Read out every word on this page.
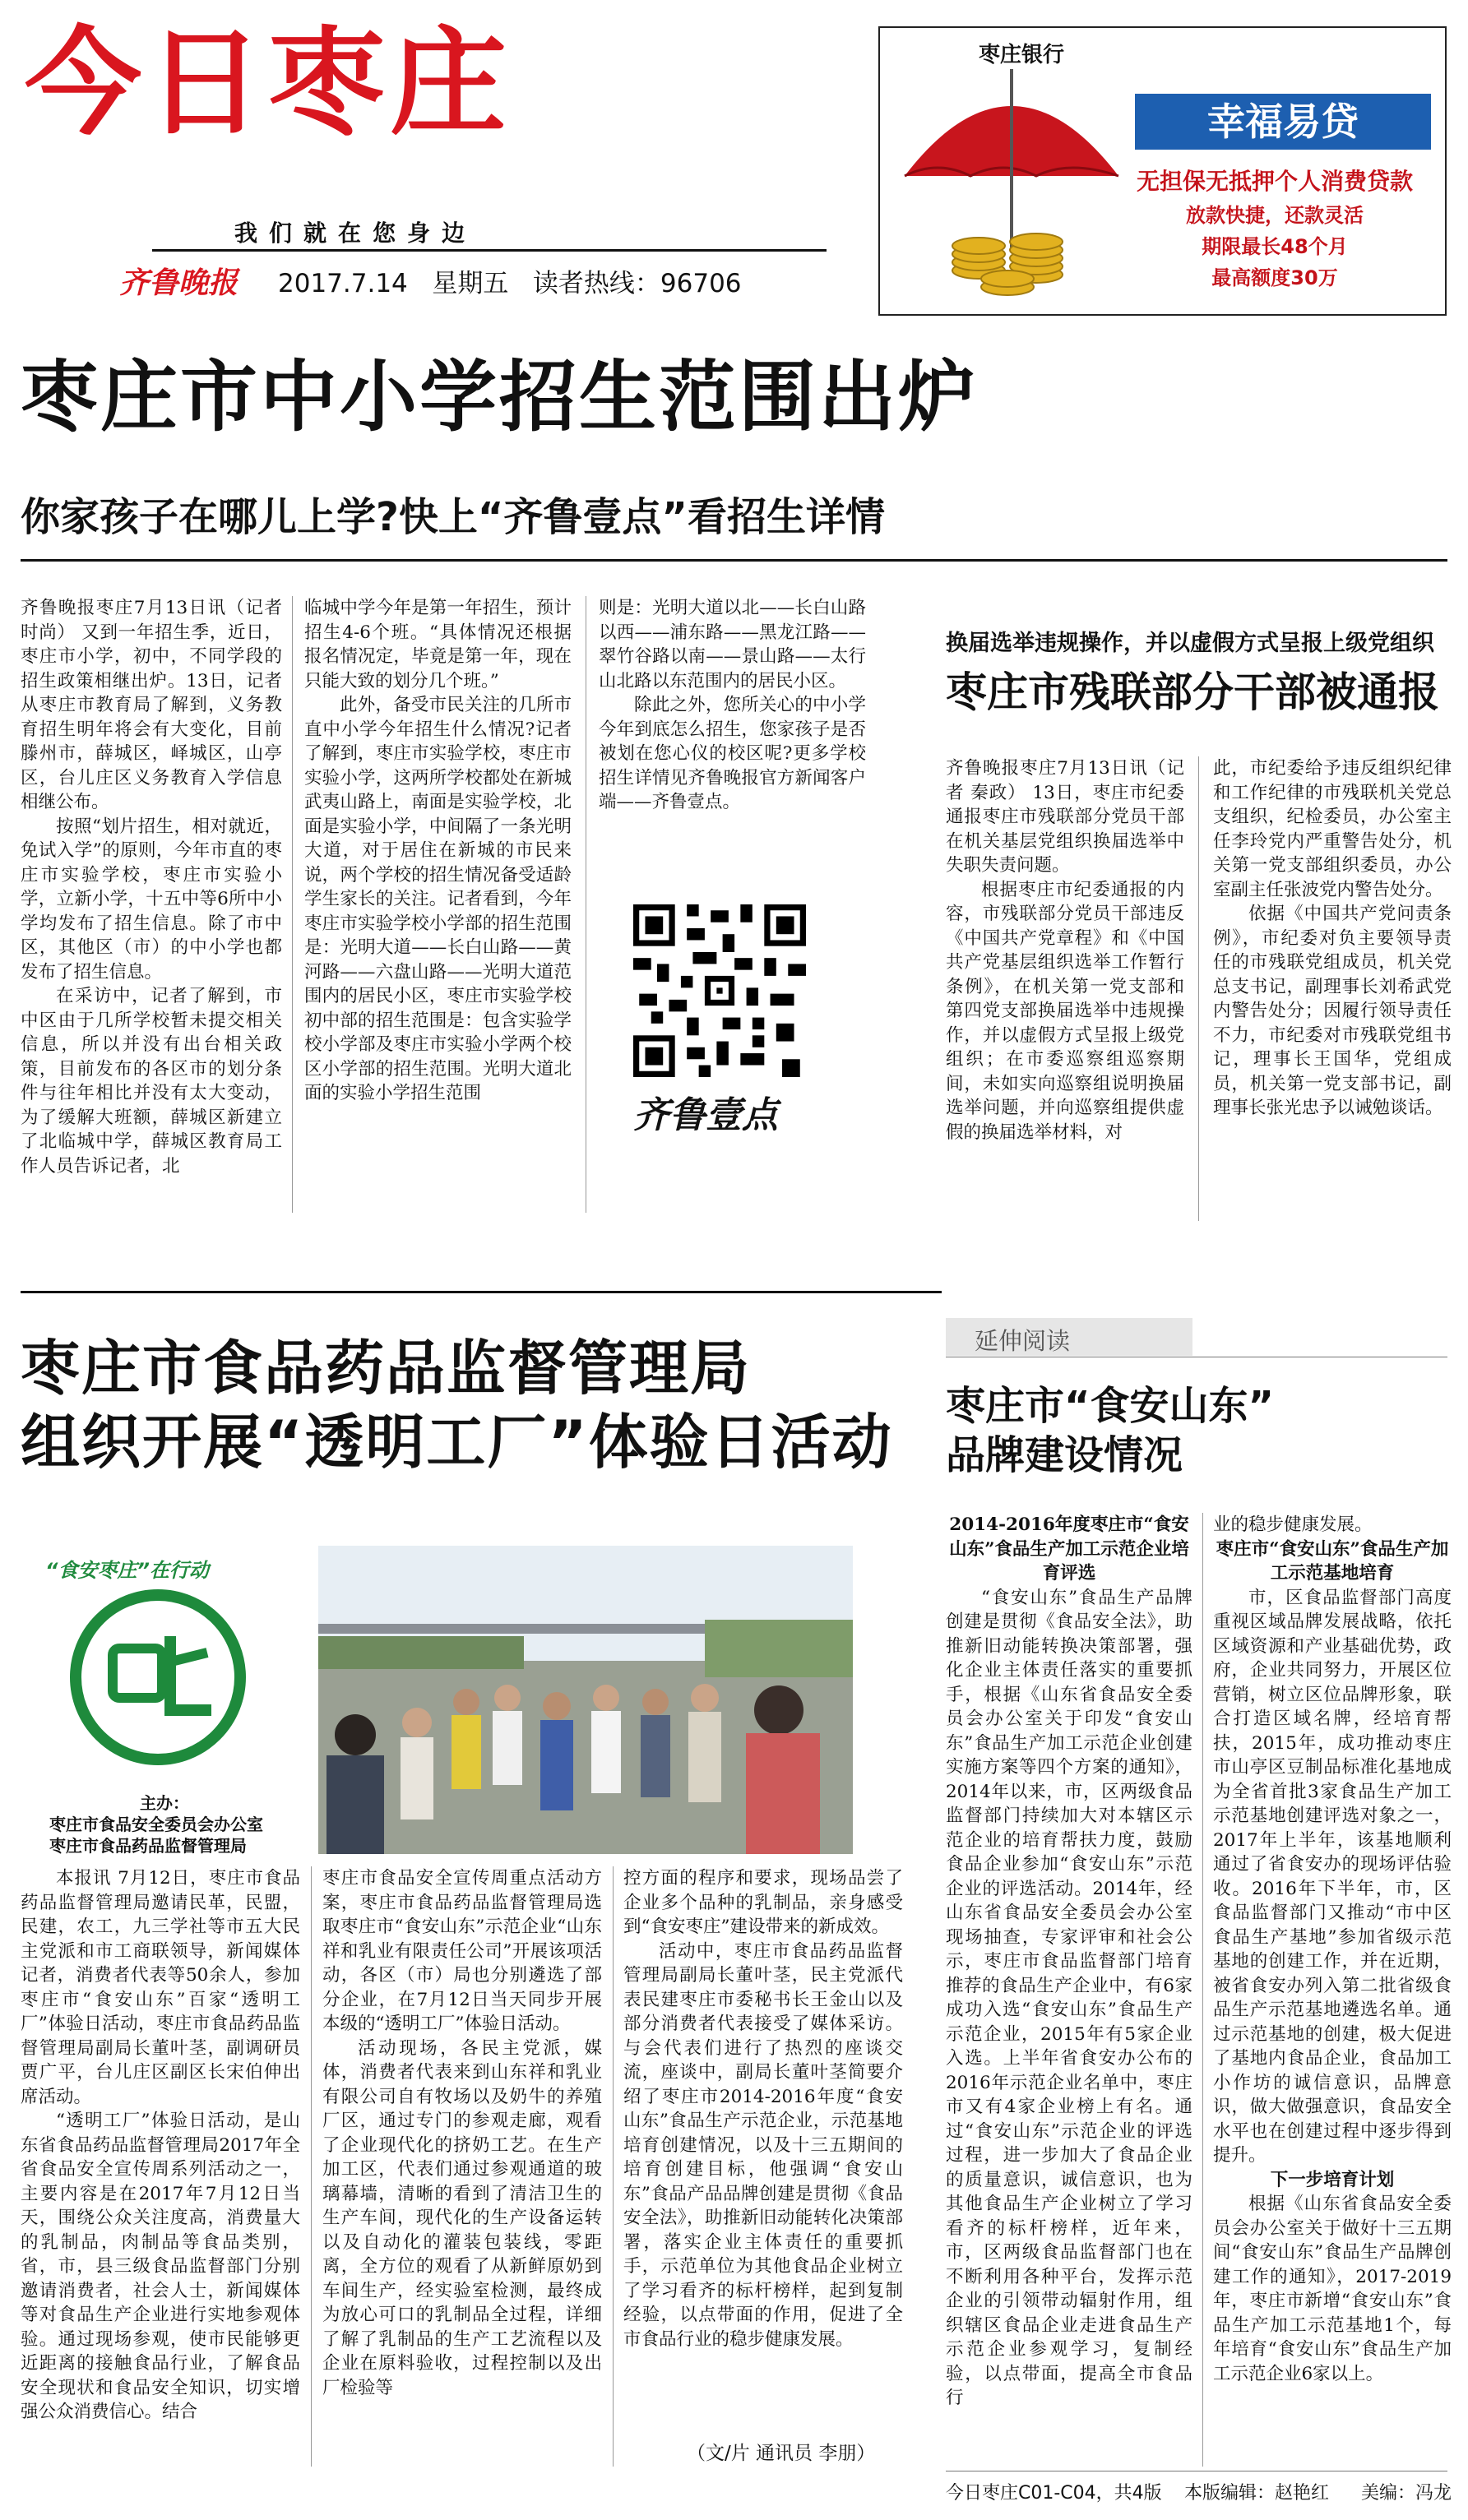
今日枣庄
我们就在您身边
齐鲁晚报 2017.7.14 星期五 读者热线：96706
枣庄银行
幸福易贷
无担保无抵押个人消费贷款
放款快捷，还款灵活
期限最长48个月
最高额度30万
枣庄市中小学招生范围出炉
你家孩子在哪儿上学?快上“齐鲁壹点”看招生详情

齐鲁晚报枣庄7月13日讯（记者 时尚） 又到一年招生季，近日，枣庄市小学，初中，不同学段的招生政策相继出炉。13日，记者从枣庄市教育局了解到，义务教育招生明年将会有大变化，目前滕州市，薛城区，峄城区，山亭区，台儿庄区义务教育入学信息相继公布。

按照“划片招生，相对就近，免试入学”的原则，今年市直的枣庄市实验学校，枣庄市实验小学，立新小学，十五中等6所中小学均发布了招生信息。除了市中区，其他区（市）的中小学也都发布了招生信息。

在采访中，记者了解到，市中区由于几所学校暂未提交相关信息，所以并没有出台相关政策，目前发布的各区市的划分条件与往年相比并没有太大变动，为了缓解大班额，薛城区新建立了北临城中学，薛城区教育局工作人员告诉记者，北

临城中学今年是第一年招生，预计招生4-6个班。“具体情况还根据报名情况定，毕竟是第一年，现在只能大致的划分几个班。”

此外，备受市民关注的几所市直中小学今年招生什么情况?记者了解到，枣庄市实验学校，枣庄市实验小学，这两所学校都处在新城武夷山路上，南面是实验学校，北面是实验小学，中间隔了一条光明大道，对于居住在新城的市民来说，两个学校的招生情况备受适龄学生家长的关注。记者看到，今年枣庄市实验学校小学部的招生范围是：光明大道——长白山路——黄河路——六盘山路——光明大道范围内的居民小区，枣庄市实验学校初中部的招生范围是：包含实验学校小学部及枣庄市实验小学两个校区小学部的招生范围。光明大道北面的实验小学招生范围

则是：光明大道以北——长白山路以西——浦东路——黑龙江路——翠竹谷路以南——景山路——太行山北路以东范围内的居民小区。

除此之外，您所关心的中小学今年到底怎么招生，您家孩子是否被划在您心仪的校区呢?更多学校招生详情见齐鲁晚报官方新闻客户端——齐鲁壹点。

齐鲁壹点
换届选举违规操作，并以虚假方式呈报上级党组织
枣庄市残联部分干部被通报

齐鲁晚报枣庄7月13日讯（记者 秦政） 13日，枣庄市纪委通报枣庄市残联部分党员干部在机关基层党组织换届选举中失职失责问题。

根据枣庄市纪委通报的内容，市残联部分党员干部违反《中国共产党章程》和《中国共产党基层组织选举工作暂行条例》，在机关第一党支部和第四党支部换届选举中违规操作，并以虚假方式呈报上级党组织；在市委巡察组巡察期间，未如实向巡察组说明换届选举问题，并向巡察组提供虚假的换届选举材料，对

此，市纪委给予违反组织纪律和工作纪律的市残联机关党总支组织，纪检委员，办公室主任李玲党内严重警告处分，机关第一党支部组织委员，办公室副主任张波党内警告处分。

依据《中国共产党问责条例》，市纪委对负主要领导责任的市残联党组成员，机关党总支书记，副理事长刘希武党内警告处分；因履行领导责任不力，市纪委对市残联党组书记，理事长王国华，党组成员，机关第一党支部书记，副理事长张光忠予以诫勉谈话。

枣庄市食品药品监督管理局
组织开展“透明工厂”体验日活动
“食安枣庄”在行动
主办：
枣庄市食品安全委员会办公室
枣庄市食品药品监督管理局

本报讯 7月12日，枣庄市食品药品监督管理局邀请民革，民盟，民建，农工，九三学社等市五大民主党派和市工商联领导，新闻媒体记者，消费者代表等50余人，参加枣庄市“食安山东”百家“透明工厂”体验日活动，枣庄市食品药品监督管理局副局长董叶茎，副调研员贾广平，台儿庄区副区长宋伯伸出席活动。

“透明工厂”体验日活动，是山东省食品药品监督管理局2017年全省食品安全宣传周系列活动之一，主要内容是在2017年7月12日当天，围绕公众关注度高，消费量大的乳制品，肉制品等食品类别，省，市，县三级食品监督部门分别邀请消费者，社会人士，新闻媒体等对食品生产企业进行实地参观体验。通过现场参观，使市民能够更近距离的接触食品行业，了解食品安全现状和食品安全知识，切实增强公众消费信心。结合

枣庄市食品安全宣传周重点活动方案，枣庄市食品药品监督管理局选取枣庄市“食安山东”示范企业“山东祥和乳业有限责任公司”开展该项活动，各区（市）局也分别遴选了部分企业，在7月12日当天同步开展本级的“透明工厂”体验日活动。

活动现场，各民主党派，媒体，消费者代表来到山东祥和乳业有限公司自有牧场以及奶牛的养殖厂区，通过专门的参观走廊，观看了企业现代化的挤奶工艺。在生产加工区，代表们通过参观通道的玻璃幕墙，清晰的看到了清洁卫生的生产车间，现代化的生产设备运转以及自动化的灌装包装线，零距离，全方位的观看了从新鲜原奶到车间生产，经实验室检测，最终成为放心可口的乳制品全过程，详细了解了乳制品的生产工艺流程以及企业在原料验收，过程控制以及出厂检验等

控方面的程序和要求，现场品尝了企业多个品种的乳制品，亲身感受到“食安枣庄”建设带来的新成效。

活动中，枣庄市食品药品监督管理局副局长董叶茎，民主党派代表民建枣庄市委秘书长王金山以及部分消费者代表接受了媒体采访。与会代表们进行了热烈的座谈交流，座谈中，副局长董叶茎简要介绍了枣庄市2014-2016年度“食安山东”食品生产示范企业，示范基地培育创建情况，以及十三五期间的培育创建目标，他强调“食安山东”食品产品品牌创建是贯彻《食品安全法》，助推新旧动能转化决策部署，落实企业主体责任的重要抓手，示范单位为其他食品企业树立了学习看齐的标杆榜样，起到复制经验，以点带面的作用，促进了全市食品行业的稳步健康发展。

（文/片 通讯员 李朋）
延伸阅读
枣庄市“食安山东”
品牌建设情况

2014-2016年度枣庄市“食安山东”食品生产加工示范企业培育评选

“食安山东”食品生产品牌创建是贯彻《食品安全法》，助推新旧动能转换决策部署，强化企业主体责任落实的重要抓手，根据《山东省食品安全委员会办公室关于印发“食安山东”食品生产加工示范企业创建实施方案等四个方案的通知》，2014年以来，市，区两级食品监督部门持续加大对本辖区示范企业的培育帮扶力度，鼓励食品企业参加“食安山东”示范企业的评选活动。2014年，经山东省食品安全委员会办公室现场抽查，专家评审和社会公示，枣庄市食品监督部门培育推荐的食品生产企业中，有6家成功入选“食安山东”食品生产示范企业，2015年有5家企业入选。上半年省食安办公布的2016年示范企业名单中，枣庄市又有4家企业榜上有名。通过“食安山东”示范企业的评选过程，进一步加大了食品企业的质量意识，诚信意识，也为其他食品生产企业树立了学习看齐的标杆榜样，近年来，市，区两级食品监督部门也在不断利用各种平台，发挥示范企业的引领带动辐射作用，组织辖区食品企业走进食品生产示范企业参观学习，复制经验，以点带面，提高全市食品行

业的稳步健康发展。

枣庄市“食安山东”食品生产加工示范基地培育

市，区食品监督部门高度重视区域品牌发展战略，依托区域资源和产业基础优势，政府，企业共同努力，开展区位营销，树立区位品牌形象，联合打造区域名牌，经培育帮扶，2015年，成功推动枣庄市山亭区豆制品标准化基地成为全省首批3家食品生产加工示范基地创建评选对象之一，2017年上半年，该基地顺利通过了省食安办的现场评估验收。2016年下半年，市，区食品监督部门又推动“市中区食品生产基地”参加省级示范基地的创建工作，并在近期，被省食安办列入第二批省级食品生产示范基地遴选名单。通过示范基地的创建，极大促进了基地内食品企业，食品加工小作坊的诚信意识，品牌意识，做大做强意识，食品安全水平也在创建过程中逐步得到提升。

下一步培育计划

根据《山东省食品安全委员会办公室关于做好十三五期间“食安山东”食品生产品牌创建工作的通知》，2017-2019年，枣庄市新增“食安山东”食品生产加工示范基地1个，每年培育“食安山东”食品生产加工示范企业6家以上。

今日枣庄C01-C04，共4版 本版编辑：赵艳红 美编：冯龙
